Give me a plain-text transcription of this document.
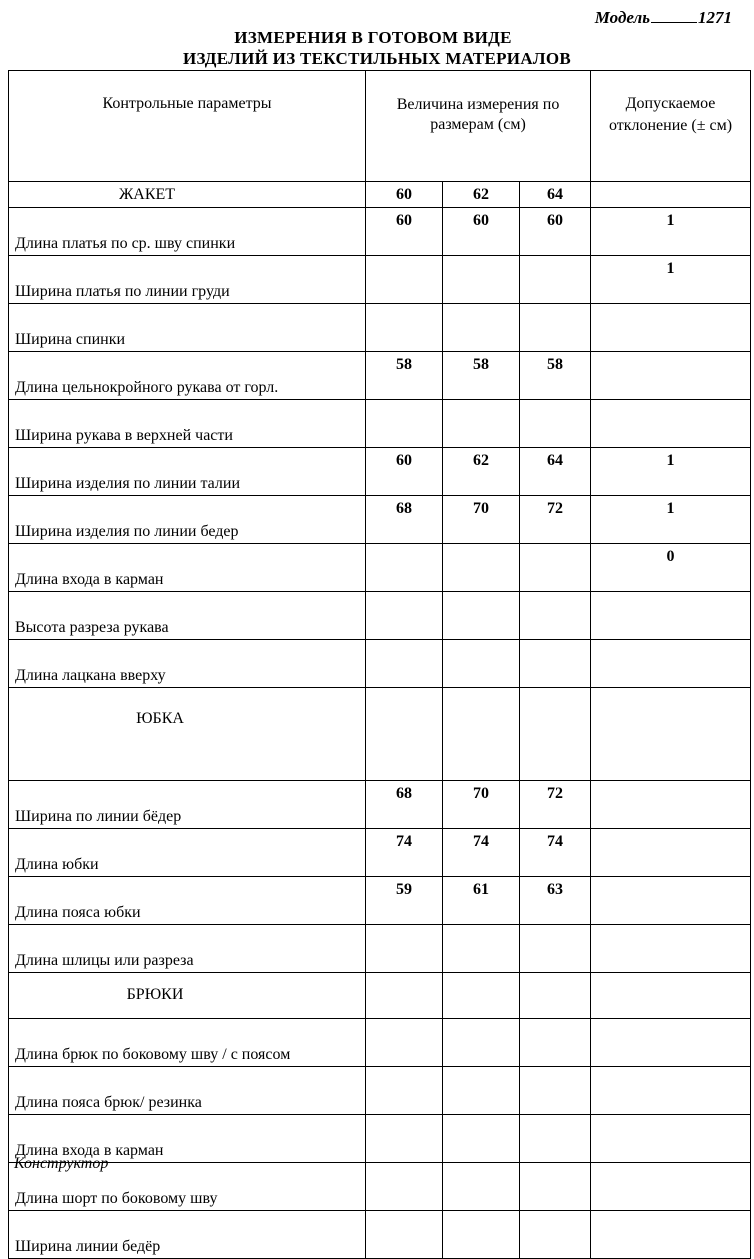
Модель	1271
ИЗМЕРЕНИЯ В ГОТОВОМ ВИДЕ
ИЗДЕЛИЙ ИЗ ТЕКСТИЛЬНЫХ МАТЕРИАЛОВ
Контрольные параметры	Величина измерения по размерам (см)			Допускаемое отклонение (± см)
ЖАКЕТ	60	62	64	
Длина платья по ср. шву спинки	60	60	60	1
Ширина платья по линии груди				1
Ширина спинки				
Длина цельнокройного рукава от горл.	58	58	58	
Ширина рукава в верхней части				
Ширина изделия по линии талии	60	62	64	1
Ширина изделия по линии бедер	68	70	72	1
Длина входа в карман				0
Высота разреза рукава				
Длина лацкана вверху				
ЮБКА				
Ширина по линии бёдер	68	70	72	
Длина юбки	74	74	74	
Длина пояса юбки	59	61	63	
Длина шлицы или разреза				
БРЮКИ				
Длина брюк по боковому шву / с поясом				
Длина пояса брюк/ резинка				
Длина входа в карман				
Длина шорт по боковому шву				
Ширина линии бедёр				
Конструктор
